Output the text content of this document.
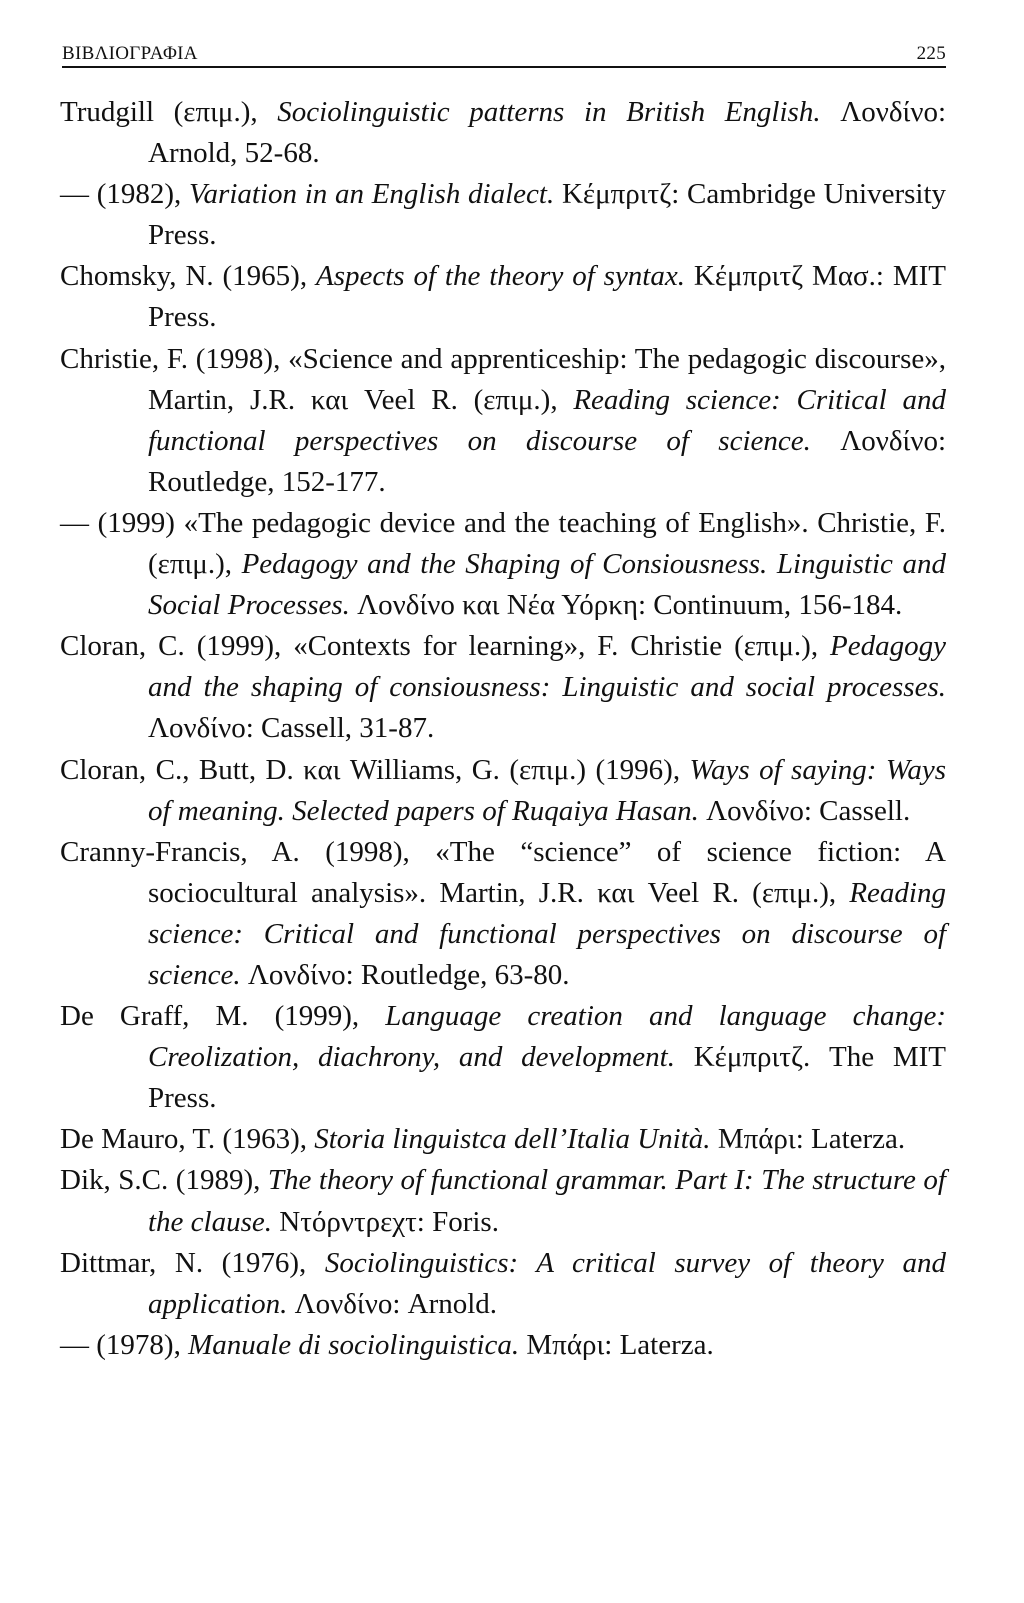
ΒΙΒΛΙΟΓΡΑΦΙΑ	225
Trudgill (επιμ.), Sociolinguistic patterns in British English. Λονδίνο: Arnold, 52-68.
— (1982), Variation in an English dialect. Κέμπριτζ: Cambridge University Press.
Chomsky, N. (1965), Aspects of the theory of syntax. Κέμπριτζ Μασ.: MIT Press.
Christie, F. (1998), «Science and apprenticeship: The pedagogic discourse», Martin, J.R. και Veel R. (επιμ.), Reading science: Critical and functional perspectives on discourse of science. Λονδίνο: Routledge, 152-177.
— (1999) «The pedagogic device and the teaching of English». Christie, F. (επιμ.), Pedagogy and the Shaping of Consiousness. Linguistic and Social Processes. Λονδίνο και Νέα Υόρκη: Continuum, 156-184.
Cloran, C. (1999), «Contexts for learning», F. Christie (επιμ.), Pedagogy and the shaping of consiousness: Linguistic and social processes. Λονδίνο: Cassell, 31-87.
Cloran, C., Butt, D. και Williams, G. (επιμ.) (1996), Ways of saying: Ways of meaning. Selected papers of Ruqaiya Hasan. Λονδίνο: Cassell.
Cranny-Francis, A. (1998), «The “science” of science fiction: A sociocultural analysis». Martin, J.R. και Veel R. (επιμ.), Reading science: Critical and functional perspectives on discourse of science. Λονδίνο: Routledge, 63-80.
De Graff, M. (1999), Language creation and language change: Creolization, diachrony, and development. Κέμπριτζ. The MIT Press.
De Mauro, T. (1963), Storia linguistca dell’Italia Unità. Μπάρι: Laterza.
Dik, S.C. (1989), The theory of functional grammar. Part I: The structure of the clause. Ντόρντρεχτ: Foris.
Dittmar, N. (1976), Sociolinguistics: A critical survey of theory and application. Λονδίνο: Arnold.
— (1978), Manuale di sociolinguistica. Μπάρι: Laterza.
